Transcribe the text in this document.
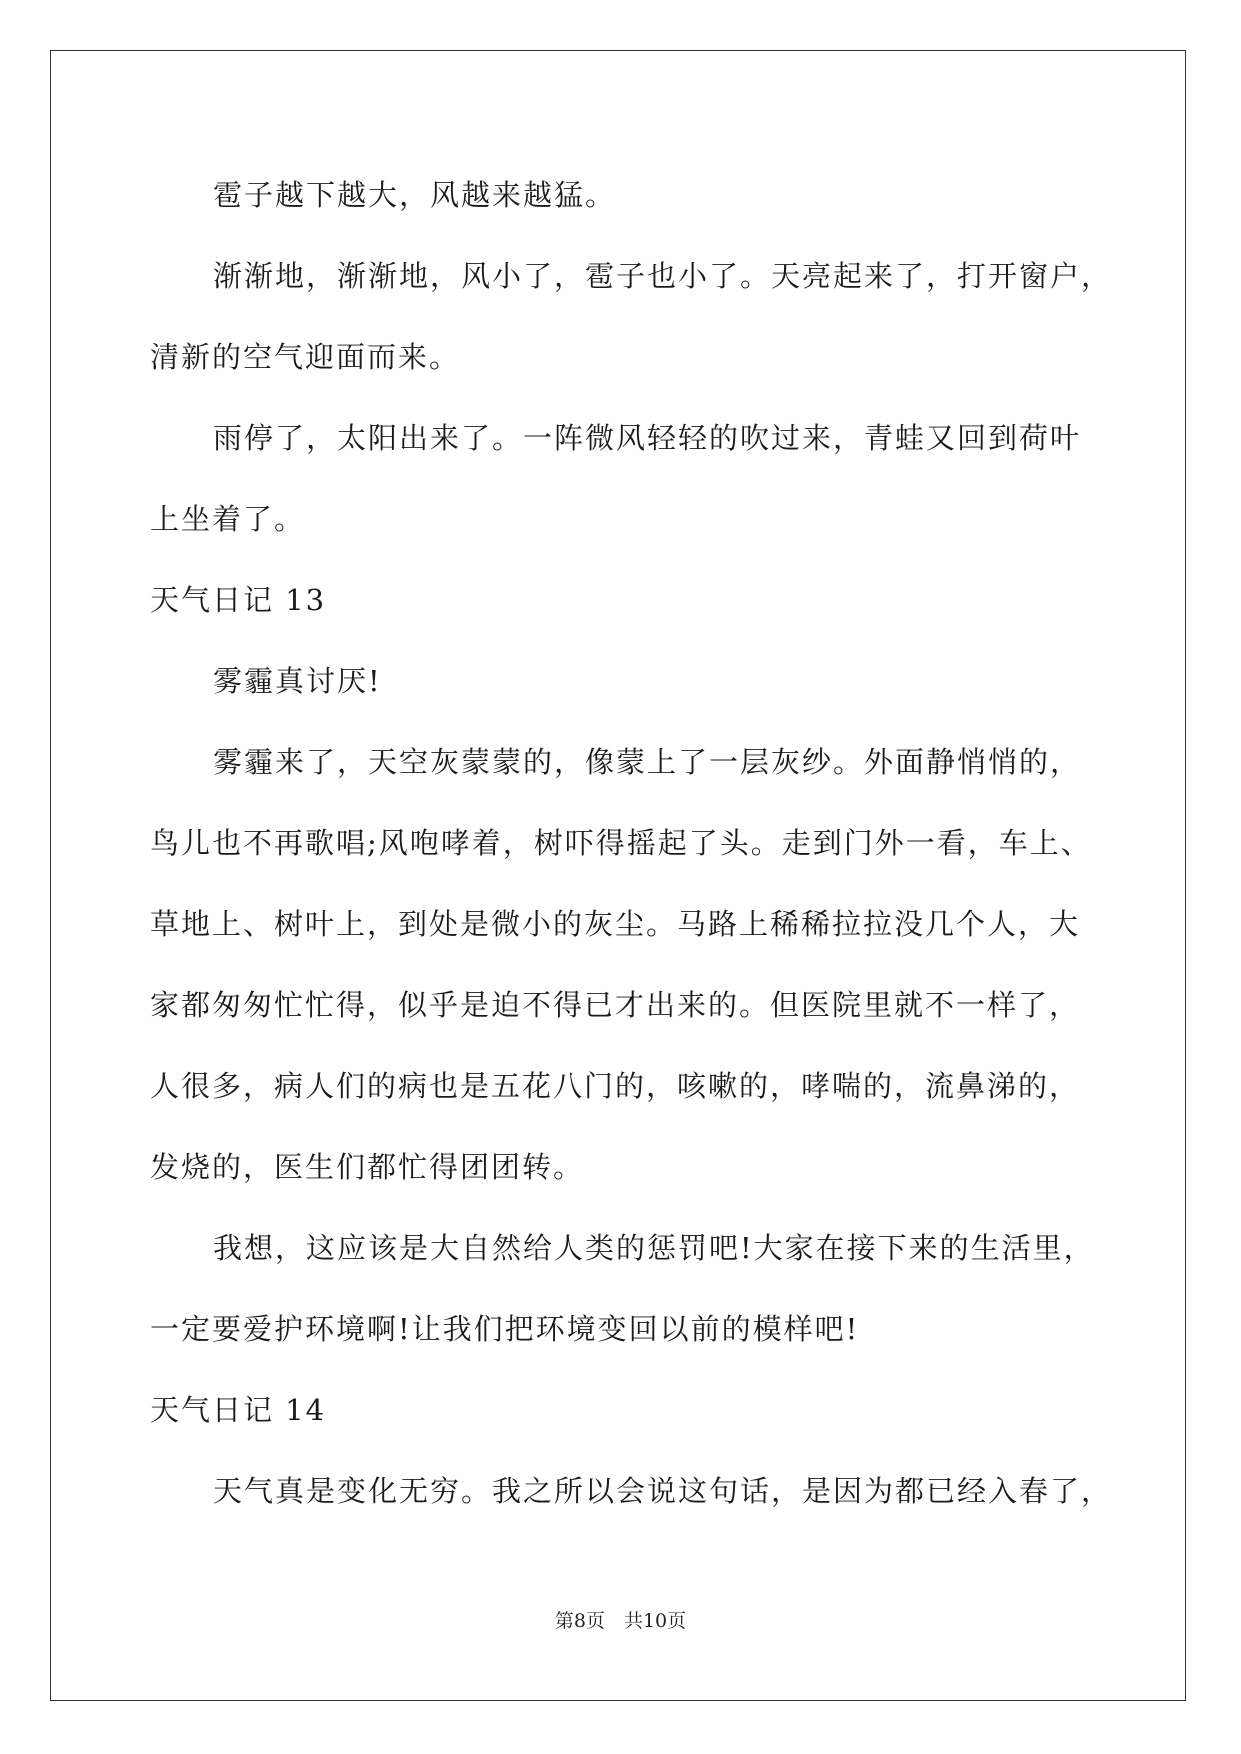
雹子越下越大，风越来越猛。
渐渐地，渐渐地，风小了，雹子也小了。天亮起来了，打开窗户，
清新的空气迎面而来。
雨停了，太阳出来了。一阵微风轻轻的吹过来，青蛙又回到荷叶
上坐着了。
天气日记 13
雾霾真讨厌!
雾霾来了，天空灰蒙蒙的，像蒙上了一层灰纱。外面静悄悄的，
鸟儿也不再歌唱;风咆哮着，树吓得摇起了头。走到门外一看，车上、
草地上、树叶上，到处是微小的灰尘。马路上稀稀拉拉没几个人，大
家都匆匆忙忙得，似乎是迫不得已才出来的。但医院里就不一样了，
人很多，病人们的病也是五花八门的，咳嗽的，哮喘的，流鼻涕的，
发烧的，医生们都忙得团团转。
我想，这应该是大自然给人类的惩罚吧!大家在接下来的生活里，
一定要爱护环境啊!让我们把环境变回以前的模样吧!
天气日记 14
天气真是变化无穷。我之所以会说这句话，是因为都已经入春了，
第8页　共10页
